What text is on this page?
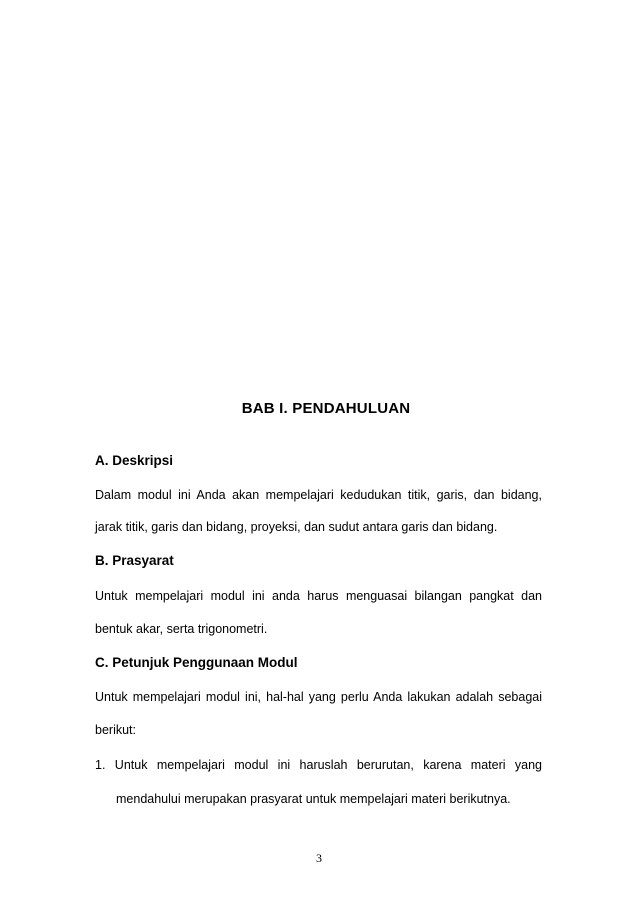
BAB I. PENDAHULUAN
A. Deskripsi
Dalam modul ini Anda akan mempelajari kedudukan titik, garis, dan bidang,
jarak titik, garis dan bidang, proyeksi, dan sudut antara garis dan bidang.
B. Prasyarat
Untuk mempelajari modul ini anda harus menguasai bilangan pangkat dan
bentuk akar, serta trigonometri.
C. Petunjuk Penggunaan Modul
Untuk mempelajari modul ini, hal-hal yang perlu Anda lakukan adalah sebagai
berikut:
1. Untuk mempelajari modul ini haruslah berurutan, karena materi yang
mendahului merupakan prasyarat untuk mempelajari materi berikutnya.
3
